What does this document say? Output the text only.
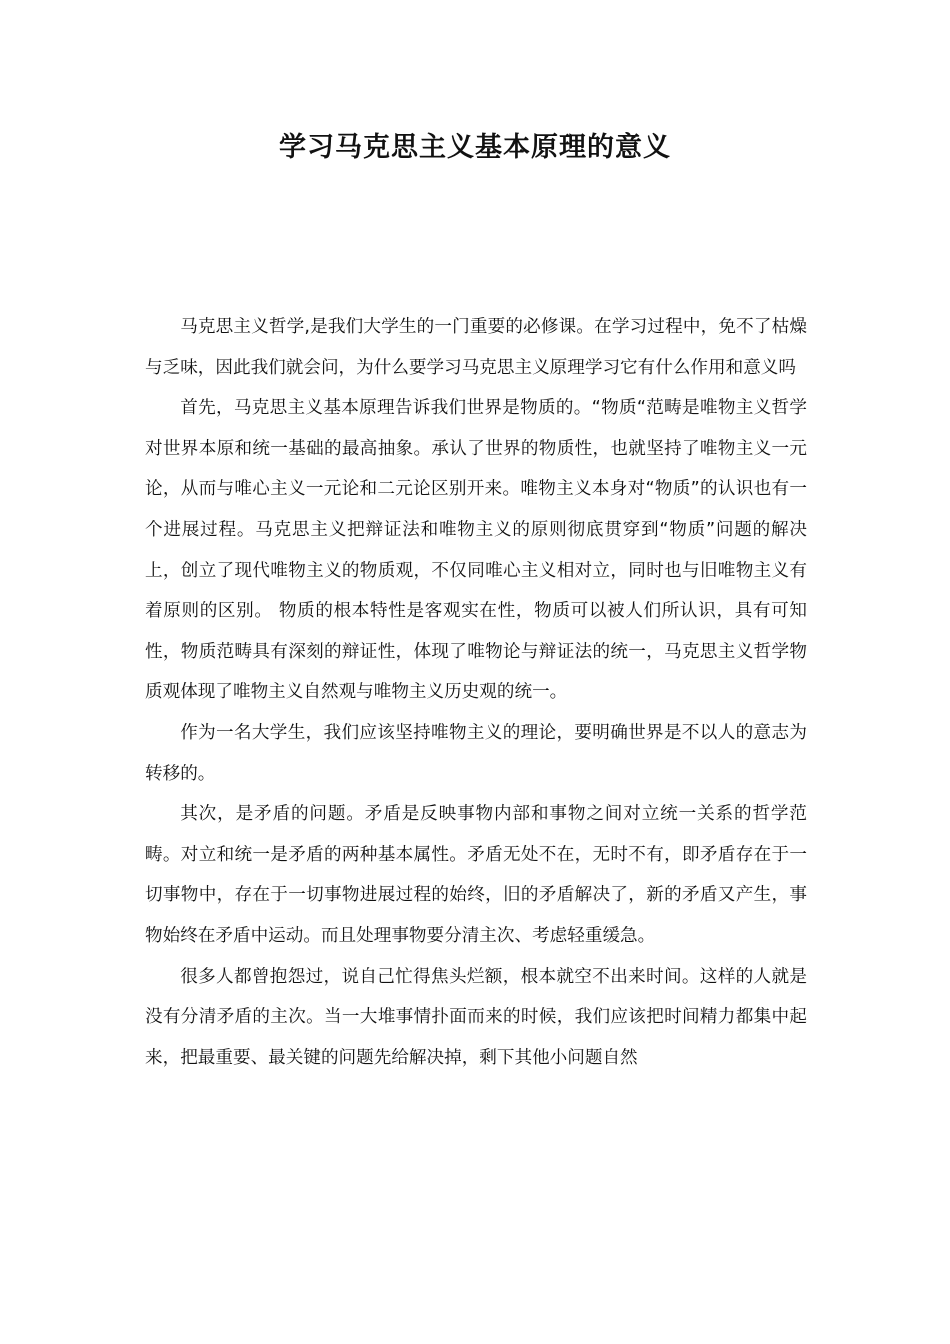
学习马克思主义基本原理的意义

马克思主义哲学,是我们大学生的一门重要的必修课。在学习过程中，免不了枯燥与乏味，因此我们就会问，为什么要学习马克思主义原理学习它有什么作用和意义吗

首先，马克思主义基本原理告诉我们世界是物质的。“物质“范畴是唯物主义哲学对世界本原和统一基础的最高抽象。承认了世界的物质性，也就坚持了唯物主义一元论，从而与唯心主义一元论和二元论区别开来。唯物主义本身对“物质”的认识也有一个进展过程。马克思主义把辩证法和唯物主义的原则彻底贯穿到“物质”问题的解决上，创立了现代唯物主义的物质观，不仅同唯心主义相对立，同时也与旧唯物主义有着原则的区别。 物质的根本特性是客观实在性，物质可以被人们所认识，具有可知性，物质范畴具有深刻的辩证性，体现了唯物论与辩证法的统一，马克思主义哲学物质观体现了唯物主义自然观与唯物主义历史观的统一。

作为一名大学生，我们应该坚持唯物主义的理论，要明确世界是不以人的意志为转移的。

其次，是矛盾的问题。矛盾是反映事物内部和事物之间对立统一关系的哲学范畴。对立和统一是矛盾的两种基本属性。矛盾无处不在，无时不有，即矛盾存在于一切事物中，存在于一切事物进展过程的始终，旧的矛盾解决了，新的矛盾又产生，事物始终在矛盾中运动。而且处理事物要分清主次、考虑轻重缓急。

很多人都曾抱怨过，说自己忙得焦头烂额，根本就空不出来时间。这样的人就是没有分清矛盾的主次。当一大堆事情扑面而来的时候，我们应该把时间精力都集中起来，把最重要、最关键的问题先给解决掉，剩下其他小问题自然
